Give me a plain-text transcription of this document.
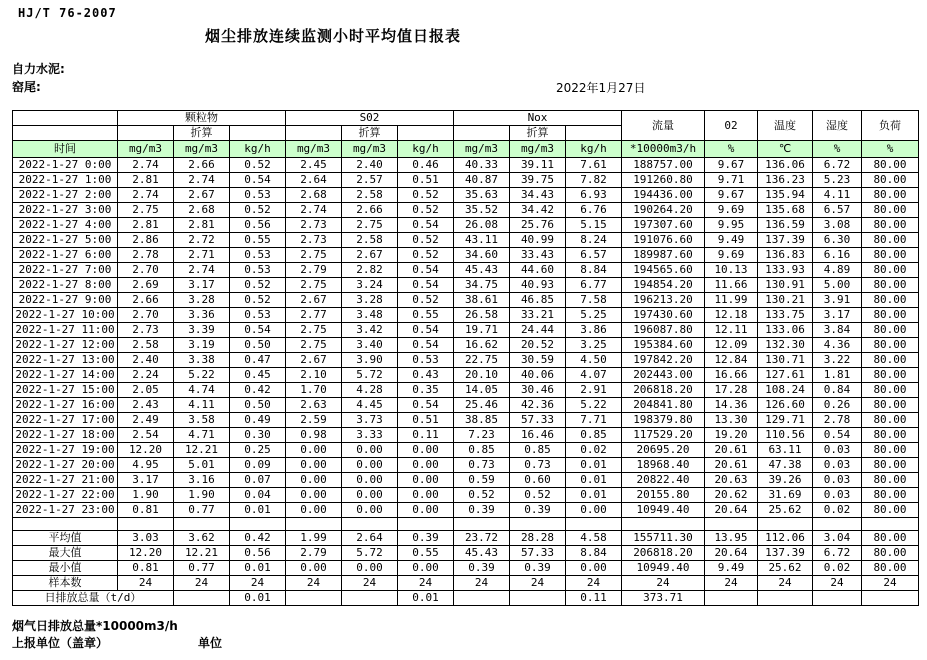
HJ/T 76-2007
烟尘排放连续监测小时平均值日报表
自力水泥:
窑尾:	2022年1月27日
	颗粒物			S02			Nox			流量	02	温度	湿度	负荷
		折算			折算			折算						
时间	mg/m3	mg/m3	kg/h	mg/m3	mg/m3	kg/h	mg/m3	mg/m3	kg/h	*10000m3/h	%	℃	%	%
2022-1-27 0:00	2.74	2.66	0.52	2.45	2.40	0.46	40.33	39.11	7.61	188757.00	9.67	136.06	6.72	80.00
2022-1-27 1:00	2.81	2.74	0.54	2.64	2.57	0.51	40.87	39.75	7.82	191260.80	9.71	136.23	5.23	80.00
2022-1-27 2:00	2.74	2.67	0.53	2.68	2.58	0.52	35.63	34.43	6.93	194436.00	9.67	135.94	4.11	80.00
2022-1-27 3:00	2.75	2.68	0.52	2.74	2.66	0.52	35.52	34.42	6.76	190264.20	9.69	135.68	6.57	80.00
2022-1-27 4:00	2.81	2.81	0.56	2.73	2.75	0.54	26.08	25.76	5.15	197307.60	9.95	136.59	3.08	80.00
2022-1-27 5:00	2.86	2.72	0.55	2.73	2.58	0.52	43.11	40.99	8.24	191076.60	9.49	137.39	6.30	80.00
2022-1-27 6:00	2.78	2.71	0.53	2.75	2.67	0.52	34.60	33.43	6.57	189987.60	9.69	136.83	6.16	80.00
2022-1-27 7:00	2.70	2.74	0.53	2.79	2.82	0.54	45.43	44.60	8.84	194565.60	10.13	133.93	4.89	80.00
2022-1-27 8:00	2.69	3.17	0.52	2.75	3.24	0.54	34.75	40.93	6.77	194854.20	11.66	130.91	5.00	80.00
2022-1-27 9:00	2.66	3.28	0.52	2.67	3.28	0.52	38.61	46.85	7.58	196213.20	11.99	130.21	3.91	80.00
2022-1-27 10:00	2.70	3.36	0.53	2.77	3.48	0.55	26.58	33.21	5.25	197430.60	12.18	133.75	3.17	80.00
2022-1-27 11:00	2.73	3.39	0.54	2.75	3.42	0.54	19.71	24.44	3.86	196087.80	12.11	133.06	3.84	80.00
2022-1-27 12:00	2.58	3.19	0.50	2.75	3.40	0.54	16.62	20.52	3.25	195384.60	12.09	132.30	4.36	80.00
2022-1-27 13:00	2.40	3.38	0.47	2.67	3.90	0.53	22.75	30.59	4.50	197842.20	12.84	130.71	3.22	80.00
2022-1-27 14:00	2.24	5.22	0.45	2.10	5.72	0.43	20.10	40.06	4.07	202443.00	16.66	127.61	1.81	80.00
2022-1-27 15:00	2.05	4.74	0.42	1.70	4.28	0.35	14.05	30.46	2.91	206818.20	17.28	108.24	0.84	80.00
2022-1-27 16:00	2.43	4.11	0.50	2.63	4.45	0.54	25.46	42.36	5.22	204841.80	14.36	126.60	0.26	80.00
2022-1-27 17:00	2.49	3.58	0.49	2.59	3.73	0.51	38.85	57.33	7.71	198379.80	13.30	129.71	2.78	80.00
2022-1-27 18:00	2.54	4.71	0.30	0.98	3.33	0.11	7.23	16.46	0.85	117529.20	19.20	110.56	0.54	80.00
2022-1-27 19:00	12.20	12.21	0.25	0.00	0.00	0.00	0.85	0.85	0.02	20695.20	20.61	63.11	0.03	80.00
2022-1-27 20:00	4.95	5.01	0.09	0.00	0.00	0.00	0.73	0.73	0.01	18968.40	20.61	47.38	0.03	80.00
2022-1-27 21:00	3.17	3.16	0.07	0.00	0.00	0.00	0.59	0.60	0.01	20822.40	20.63	39.26	0.03	80.00
2022-1-27 22:00	1.90	1.90	0.04	0.00	0.00	0.00	0.52	0.52	0.01	20155.80	20.62	31.69	0.03	80.00
2022-1-27 23:00	0.81	0.77	0.01	0.00	0.00	0.00	0.39	0.39	0.00	10949.40	20.64	25.62	0.02	80.00

平均值	3.03	3.62	0.42	1.99	2.64	0.39	23.72	28.28	4.58	155711.30	13.95	112.06	3.04	80.00
最大值	12.20	12.21	0.56	2.79	5.72	0.55	45.43	57.33	8.84	206818.20	20.64	137.39	6.72	80.00
最小值	0.81	0.77	0.01	0.00	0.00	0.00	0.39	0.39	0.00	10949.40	9.49	25.62	0.02	80.00
样本数	24	24	24	24	24	24	24	24	24	24	24	24	24	24
日排放总量（t/d）			0.01			0.01			0.11	373.71				
烟气日排放总量*10000m3/h
上报单位（盖章）	单位
